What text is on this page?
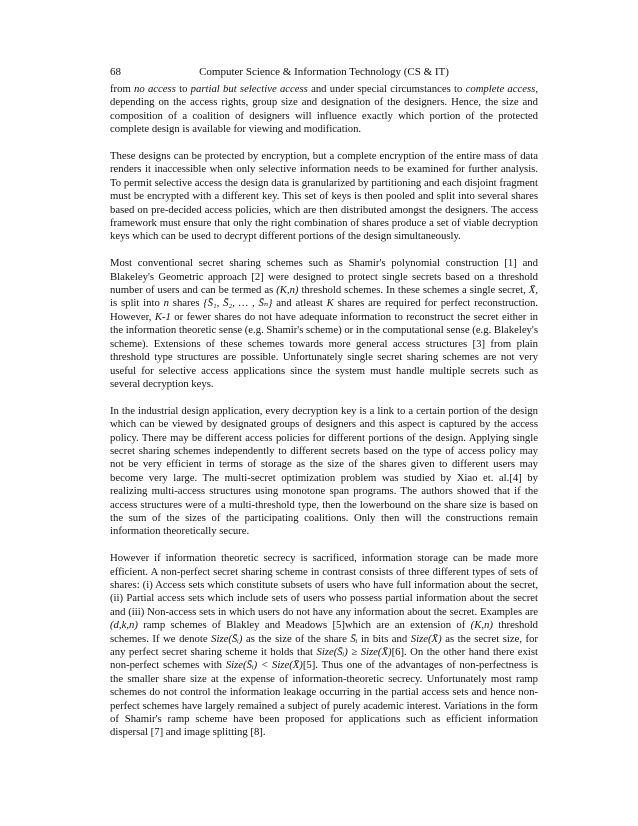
68	Computer Science & Information Technology (CS & IT)

from no access to partial but selective access and under special circumstances to complete access, depending on the access rights, group size and designation of the designers. Hence, the size and composition of a coalition of designers will influence exactly which portion of the protected complete design is available for viewing and modification.

These designs can be protected by encryption, but a complete encryption of the entire mass of data renders it inaccessible when only selective information needs to be examined for further analysis. To permit selective access the design data is granularized by partitioning and each disjoint fragment must be encrypted with a different key. This set of keys is then pooled and split into several shares based on pre-decided access policies, which are then distributed amongst the designers. The access framework must ensure that only the right combination of shares produce a set of viable decryption keys which can be used to decrypt different portions of the design simultaneously.

Most conventional secret sharing schemes such as Shamir's polynomial construction [1] and Blakeley's Geometric approach [2] were designed to protect single secrets based on a threshold number of users and can be termed as (K,n) threshold schemes. In these schemes a single secret, X̄, is split into n shares {S̄₁, S̄₂, … , S̄ₙ} and atleast K shares are required for perfect reconstruction. However, K-1 or fewer shares do not have adequate information to reconstruct the secret either in the information theoretic sense (e.g. Shamir's scheme) or in the computational sense (e.g. Blakeley's scheme). Extensions of these schemes towards more general access structures [3] from plain threshold type structures are possible. Unfortunately single secret sharing schemes are not very useful for selective access applications since the system must handle multiple secrets such as several decryption keys.

In the industrial design application, every decryption key is a link to a certain portion of the design which can be viewed by designated groups of designers and this aspect is captured by the access policy. There may be different access policies for different portions of the design. Applying single secret sharing schemes independently to different secrets based on the type of access policy may not be very efficient in terms of storage as the size of the shares given to different users may become very large. The multi-secret optimization problem was studied by Xiao et. al.[4] by realizing multi-access structures using monotone span programs. The authors showed that if the access structures were of a multi-threshold type, then the lowerbound on the share size is based on the sum of the sizes of the participating coalitions. Only then will the constructions remain information theoretically secure.

However if information theoretic secrecy is sacrificed, information storage can be made more efficient. A non-perfect secret sharing scheme in contrast consists of three different types of sets of shares: (i) Access sets which constitute subsets of users who have full information about the secret, (ii) Partial access sets which include sets of users who possess partial information about the secret and (iii) Non-access sets in which users do not have any information about the secret. Examples are (d,k,n) ramp schemes of Blakley and Meadows [5]which are an extension of (K,n) threshold schemes. If we denote Size(S̄ᵢ) as the size of the share S̄ᵢ in bits and Size(X̄) as the secret size, for any perfect secret sharing scheme it holds that Size(S̄ᵢ) ≥ Size(X̄)[6]. On the other hand there exist non-perfect schemes with Size(S̄ᵢ) < Size(X̄)[5]. Thus one of the advantages of non-perfectness is the smaller share size at the expense of information-theoretic secrecy. Unfortunately most ramp schemes do not control the information leakage occurring in the partial access sets and hence non-perfect schemes have largely remained a subject of purely academic interest. Variations in the form of Shamir's ramp scheme have been proposed for applications such as efficient information dispersal [7] and image splitting [8].
